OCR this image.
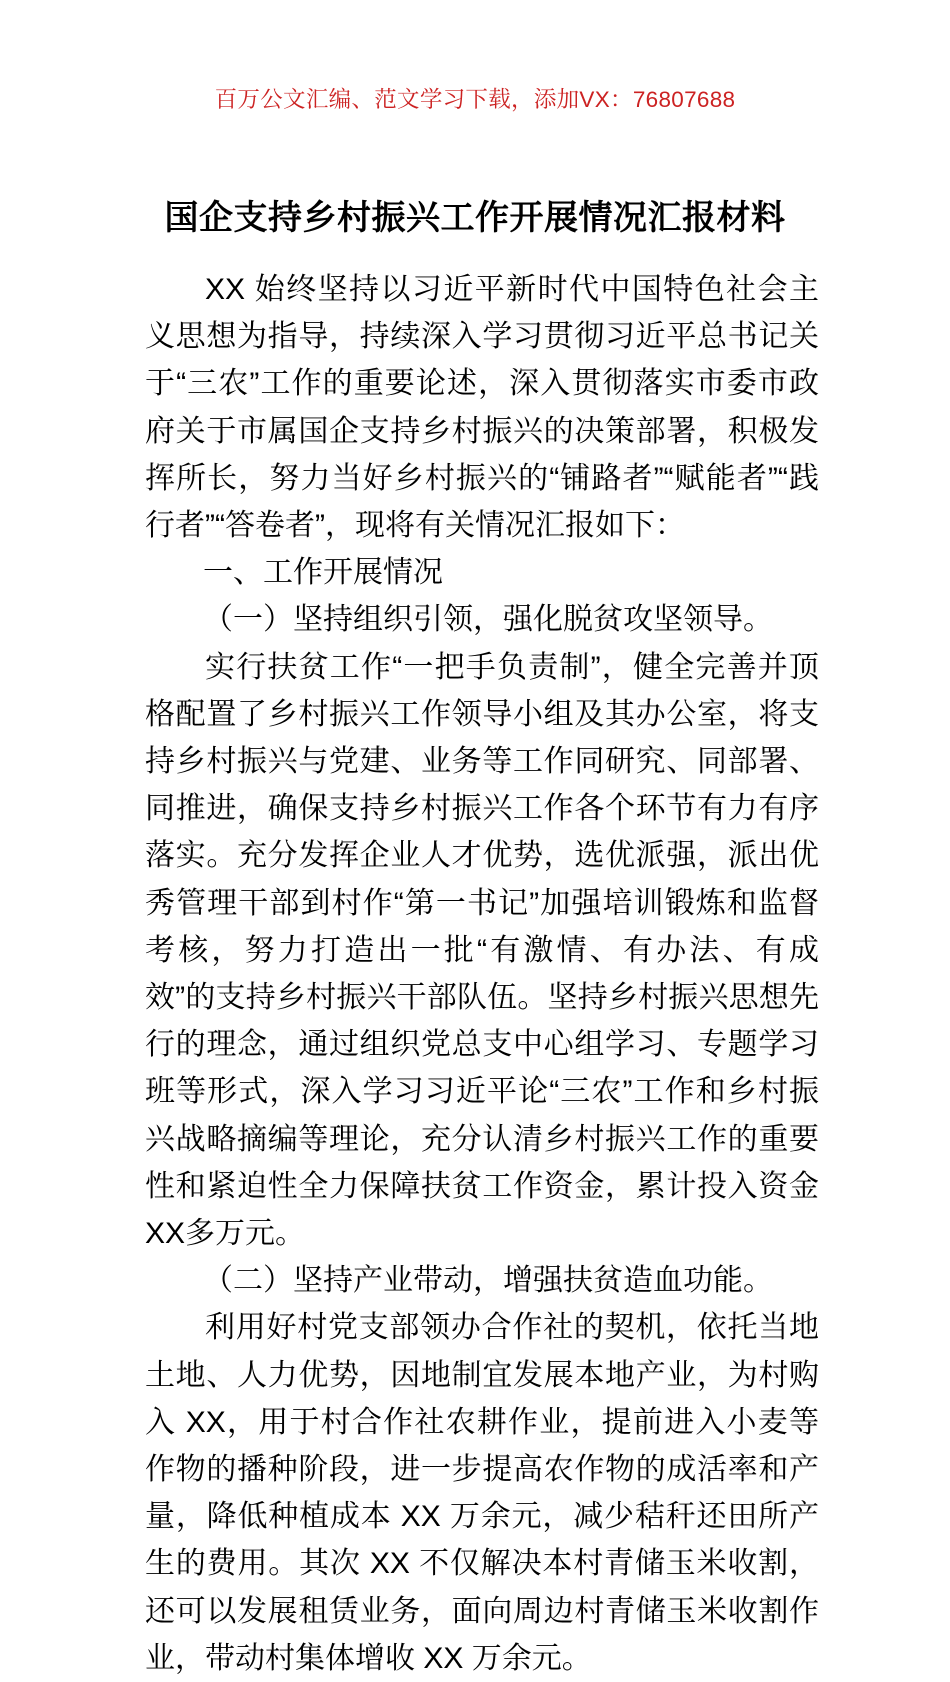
百万公文汇编、范文学习下载，添加VX：76807688
国企支持乡村振兴工作开展情况汇报材料

XX 始终坚持以习近平新时代中国特色社会主义思想为指导，持续深入学习贯彻习近平总书记关于“三农”工作的重要论述，深入贯彻落实市委市政府关于市属国企支持乡村振兴的决策部署，积极发挥所长，努力当好乡村振兴的“铺路者”“赋能者”“践行者”“答卷者”，现将有关情况汇报如下：

一、工作开展情况

（一）坚持组织引领，强化脱贫攻坚领导。

实行扶贫工作“一把手负责制”，健全完善并顶格配置了乡村振兴工作领导小组及其办公室，将支持乡村振兴与党建、业务等工作同研究、同部署、同推进，确保支持乡村振兴工作各个环节有力有序落实。充分发挥企业人才优势，选优派强，派出优秀管理干部到村作“第一书记”加强培训锻炼和监督考核，努力打造出一批“有激情、有办法、有成效”的支持乡村振兴干部队伍。坚持乡村振兴思想先行的理念，通过组织党总支中心组学习、专题学习班等形式，深入学习习近平论“三农”工作和乡村振兴战略摘编等理论，充分认清乡村振兴工作的重要性和紧迫性全力保障扶贫工作资金，累计投入资金XX多万元。

（二）坚持产业带动，增强扶贫造血功能。

利用好村党支部领办合作社的契机，依托当地土地、人力优势，因地制宜发展本地产业，为村购入 XX，用于村合作社农耕作业，提前进入小麦等作物的播种阶段，进一步提高农作物的成活率和产量，降低种植成本 XX 万余元，减少秸秆还田所产生的费用。其次 XX 不仅解决本村青储玉米收割，还可以发展租赁业务，面向周边村青储玉米收割作业，带动村集体增收 XX 万余元。
